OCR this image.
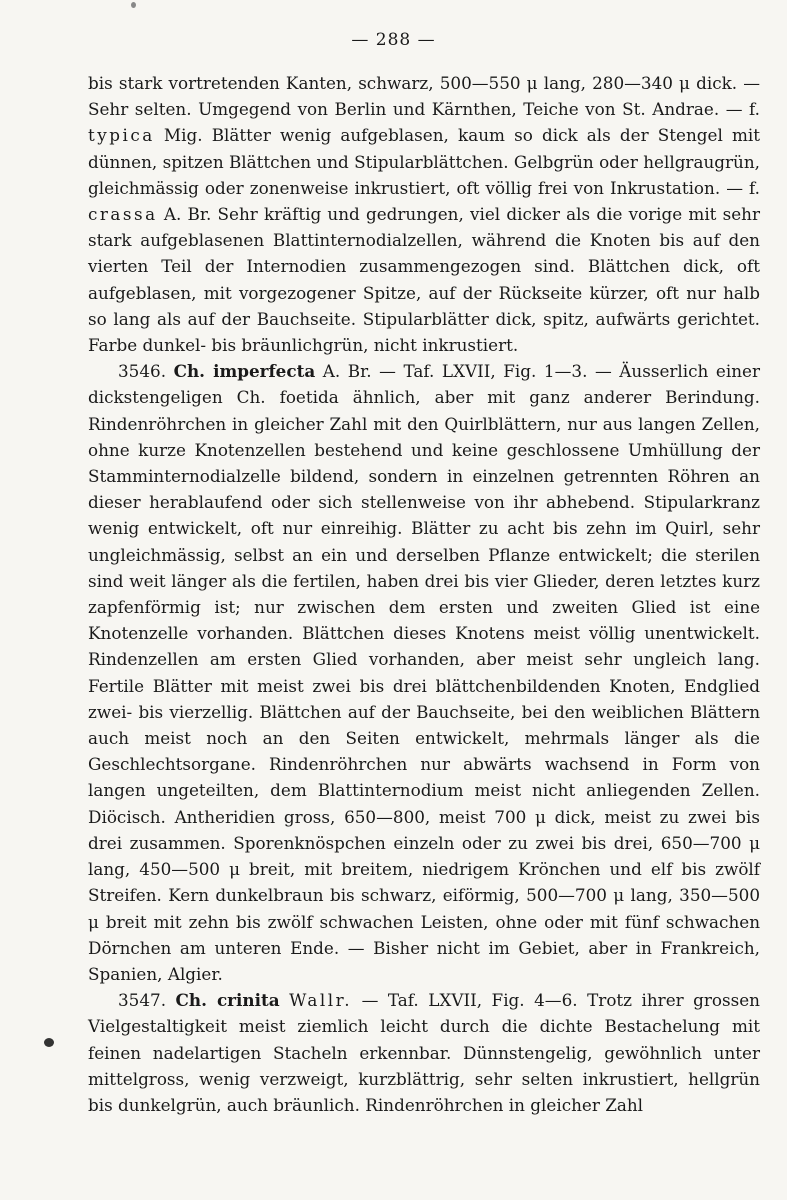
— 288 —

bis stark vortretenden Kanten, schwarz, 500—550 μ lang, 280—340 μ dick. — Sehr selten. Umgegend von Berlin und Kärnthen, Teiche von St. Andrae. — f. typica Mig. Blätter wenig aufgeblasen, kaum so dick als der Stengel mit dünnen, spitzen Blättchen und Stipularblättchen. Gelbgrün oder hellgraugrün, gleichmässig oder zonenweise inkrustiert, oft völlig frei von Inkrustation. — f. crassa A. Br. Sehr kräftig und gedrungen, viel dicker als die vorige mit sehr stark aufgeblasenen Blattinternodialzellen, während die Knoten bis auf den vierten Teil der Internodien zusammengezogen sind. Blättchen dick, oft aufgeblasen, mit vorgezogener Spitze, auf der Rückseite kürzer, oft nur halb so lang als auf der Bauchseite. Stipularblätter dick, spitz, aufwärts gerichtet. Farbe dunkel- bis bräunlichgrün, nicht inkrustiert.

3546. Ch. imperfecta A. Br. — Taf. LXVII, Fig. 1—3. — Äusserlich einer dickstengeligen Ch. foetida ähnlich, aber mit ganz anderer Berindung. Rindenröhrchen in gleicher Zahl mit den Quirlblättern, nur aus langen Zellen, ohne kurze Knotenzellen bestehend und keine geschlossene Umhüllung der Stamminternodialzelle bildend, sondern in einzelnen getrennten Röhren an dieser herablaufend oder sich stellenweise von ihr abhebend. Stipularkranz wenig entwickelt, oft nur einreihig. Blätter zu acht bis zehn im Quirl, sehr ungleichmässig, selbst an ein und derselben Pflanze entwickelt; die sterilen sind weit länger als die fertilen, haben drei bis vier Glieder, deren letztes kurz zapfenförmig ist; nur zwischen dem ersten und zweiten Glied ist eine Knotenzelle vorhanden. Blättchen dieses Knotens meist völlig unentwickelt. Rindenzellen am ersten Glied vorhanden, aber meist sehr ungleich lang. Fertile Blätter mit meist zwei bis drei blättchenbildenden Knoten, Endglied zwei- bis vierzellig. Blättchen auf der Bauchseite, bei den weiblichen Blättern auch meist noch an den Seiten entwickelt, mehrmals länger als die Geschlechtsorgane. Rindenröhrchen nur abwärts wachsend in Form von langen ungeteilten, dem Blattinternodium meist nicht anliegenden Zellen. Diöcisch. Antheridien gross, 650—800, meist 700 μ dick, meist zu zwei bis drei zusammen. Sporenknöspchen einzeln oder zu zwei bis drei, 650—700 μ lang, 450—500 μ breit, mit breitem, niedrigem Krönchen und elf bis zwölf Streifen. Kern dunkelbraun bis schwarz, eiförmig, 500—700 μ lang, 350—500 μ breit mit zehn bis zwölf schwachen Leisten, ohne oder mit fünf schwachen Dörnchen am unteren Ende. — Bisher nicht im Gebiet, aber in Frankreich, Spanien, Algier.

3547. Ch. crinita Wallr. — Taf. LXVII, Fig. 4—6. Trotz ihrer grossen Vielgestaltigkeit meist ziemlich leicht durch die dichte Bestachelung mit feinen nadelartigen Stacheln erkennbar. Dünnstengelig, gewöhnlich unter mittelgross, wenig verzweigt, kurzblättrig, sehr selten inkrustiert, hellgrün bis dunkelgrün, auch bräunlich. Rindenröhrchen in gleicher Zahl
